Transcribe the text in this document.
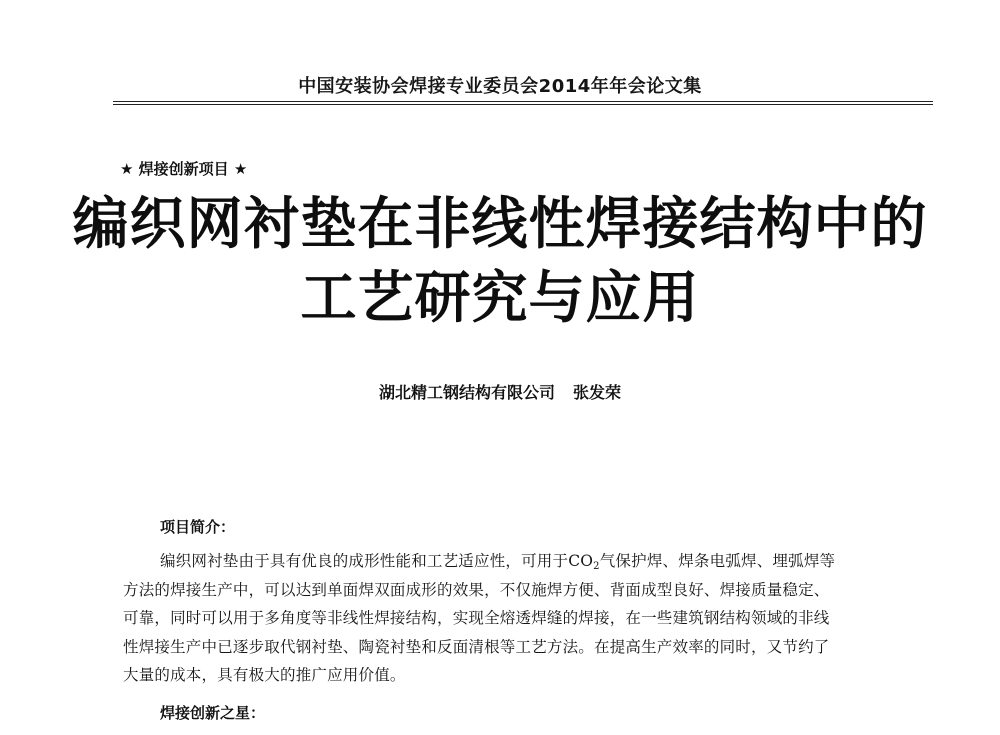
中国安装协会焊接专业委员会2014年年会论文集
★ 焊接创新项目 ★
编织网衬垫在非线性焊接结构中的
工艺研究与应用
湖北精工钢结构有限公司 张发荣
项目简介：
编织网衬垫由于具有优良的成形性能和工艺适应性，可用于$CO_2$气保护焊、焊条电弧焊、埋弧焊等
方法的焊接生产中，可以达到单面焊双面成形的效果，不仅施焊方便、背面成型良好、焊接质量稳定、
可靠，同时可以用于多角度等非线性焊接结构，实现全熔透焊缝的焊接，在一些建筑钢结构领域的非线
性焊接生产中已逐步取代钢衬垫、陶瓷衬垫和反面清根等工艺方法。在提高生产效率的同时，又节约了
大量的成本，具有极大的推广应用价值。
焊接创新之星：
